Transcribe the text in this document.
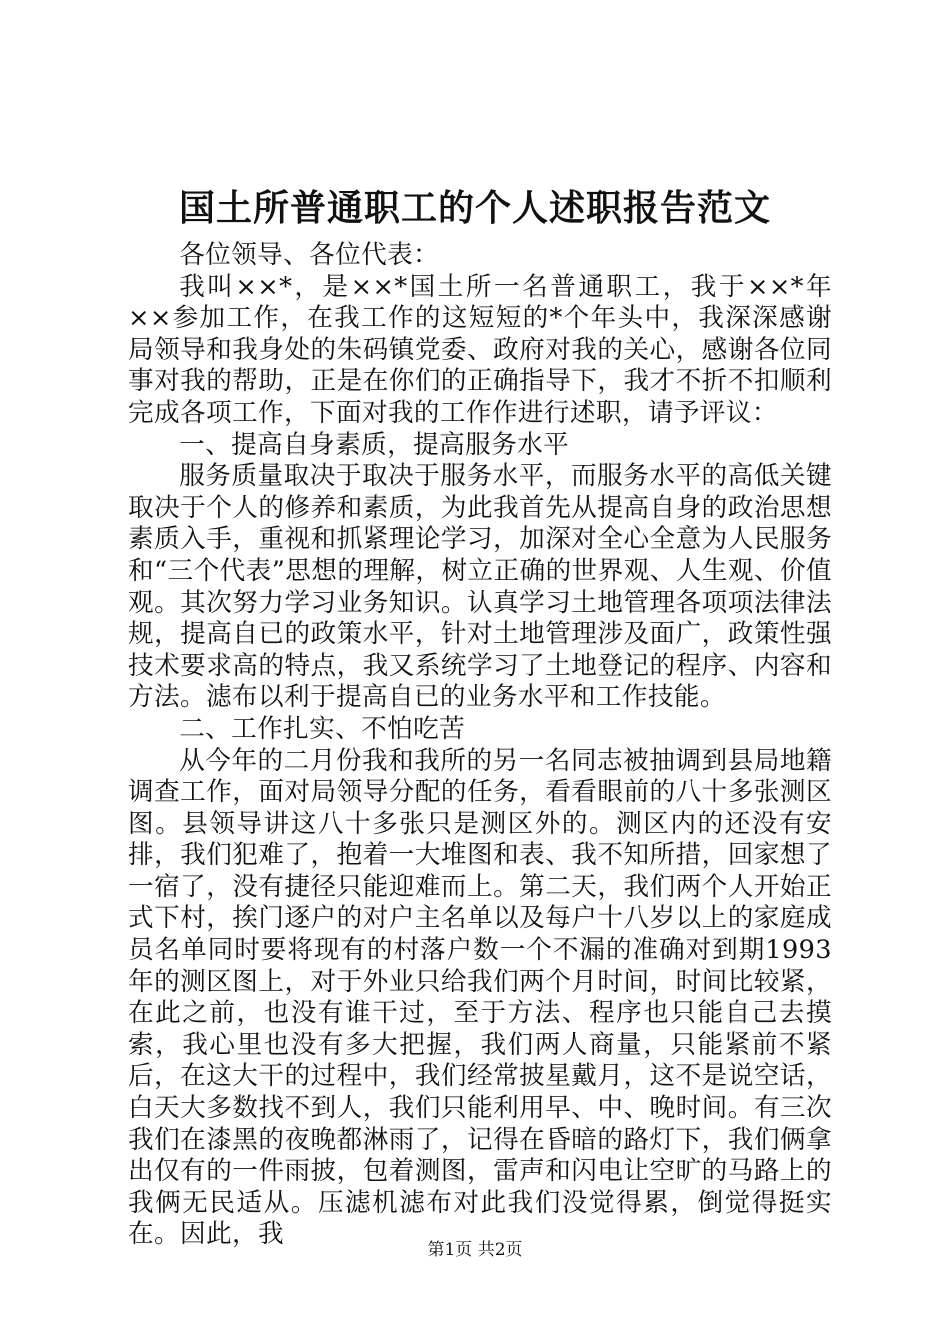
国土所普通职工的个人述职报告范文

各位领导、各位代表：

我叫××*，是××*国土所一名普通职工，我于××*年××参加工作，在我工作的这短短的*个年头中，我深深感谢局领导和我身处的朱码镇党委、政府对我的关心，感谢各位同事对我的帮助，正是在你们的正确指导下，我才不折不扣顺利完成各项工作，下面对我的工作作进行述职，请予评议：

一、提高自身素质，提高服务水平

服务质量取决于取决于服务水平，而服务水平的高低关键取决于个人的修养和素质，为此我首先从提高自身的政治思想素质入手，重视和抓紧理论学习，加深对全心全意为人民服务和“三个代表”思想的理解，树立正确的世界观、人生观、价值观。其次努力学习业务知识。认真学习土地管理各项项法律法规，提高自已的政策水平，针对土地管理涉及面广，政策性强技术要求高的特点，我又系统学习了土地登记的程序、内容和方法。滤布以利于提高自已的业务水平和工作技能。

二、工作扎实、不怕吃苦

从今年的二月份我和我所的另一名同志被抽调到县局地籍调查工作，面对局领导分配的任务，看看眼前的八十多张测区图。县领导讲这八十多张只是测区外的。测区内的还没有安排，我们犯难了，抱着一大堆图和表、我不知所措，回家想了一宿了，没有捷径只能迎难而上。第二天，我们两个人开始正式下村，挨门逐户的对户主名单以及每户十八岁以上的家庭成员名单同时要将现有的村落户数一个不漏的准确对到期1993年的测区图上，对于外业只给我们两个月时间，时间比较紧，在此之前，也没有谁干过，至于方法、程序也只能自己去摸索，我心里也没有多大把握，我们两人商量，只能紧前不紧后，在这大干的过程中，我们经常披星戴月，这不是说空话，白天大多数找不到人，我们只能利用早、中、晚时间。有三次我们在漆黑的夜晚都淋雨了，记得在昏暗的路灯下，我们俩拿出仅有的一件雨披，包着测图，雷声和闪电让空旷的马路上的我俩无民适从。压滤机滤布对此我们没觉得累，倒觉得挺实在。因此，我

第1页 共2页
